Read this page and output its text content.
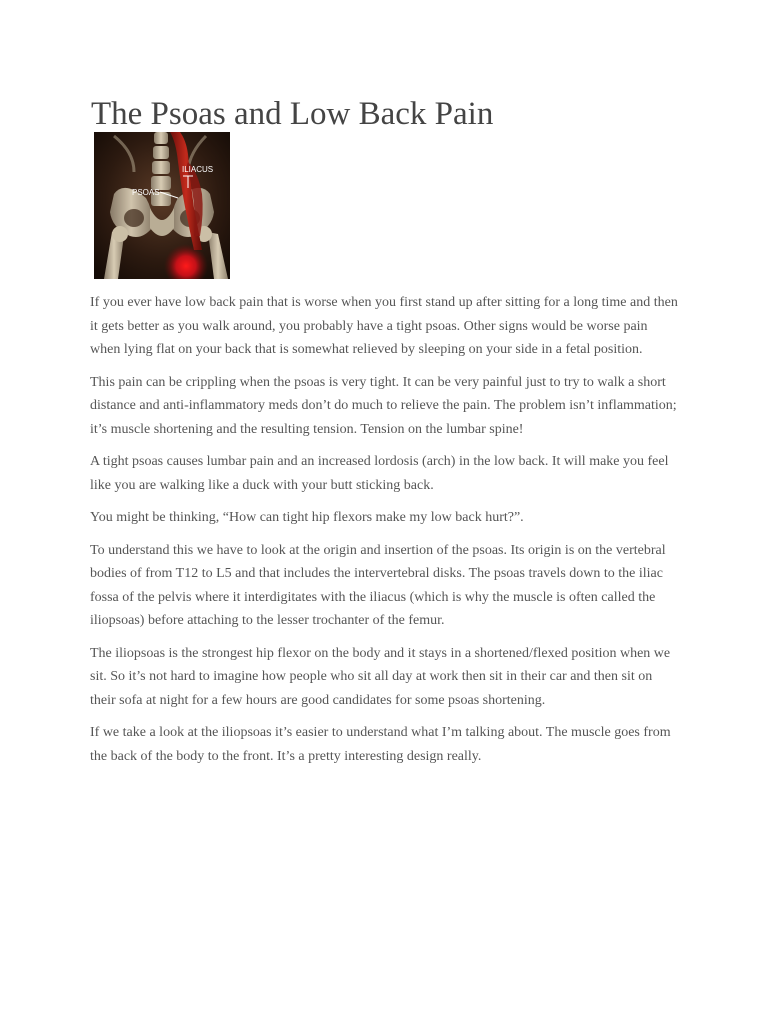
The Psoas and Low Back Pain
ILIACUS
PSOAS

If you ever have low back pain that is worse when you first stand up after sitting for a long time and then it gets better as you walk around, you probably have a tight psoas. Other signs would be worse pain when lying flat on your back that is somewhat relieved by sleeping on your side in a fetal position.

This pain can be crippling when the psoas is very tight. It can be very painful just to try to walk a short distance and anti-inflammatory meds don’t do much to relieve the pain. The problem isn’t inflammation; it’s muscle shortening and the resulting tension. Tension on the lumbar spine!

A tight psoas causes lumbar pain and an increased lordosis (arch) in the low back. It will make you feel like you are walking like a duck with your butt sticking back.

You might be thinking, “How can tight hip flexors make my low back hurt?”.

To understand this we have to look at the origin and insertion of the psoas. Its origin is on the vertebral bodies of from T12 to L5 and that includes the intervertebral disks. The psoas travels down to the iliac fossa of the pelvis where it interdigitates with the iliacus (which is why the muscle is often called the iliopsoas) before attaching to the lesser trochanter of the femur.

The iliopsoas is the strongest hip flexor on the body and it stays in a shortened/flexed position when we sit. So it’s not hard to imagine how people who sit all day at work then sit in their car and then sit on their sofa at night for a few hours are good candidates for some psoas shortening.

If we take a look at the iliopsoas it’s easier to understand what I’m talking about. The muscle goes from the back of the body to the front. It’s a pretty interesting design really.
